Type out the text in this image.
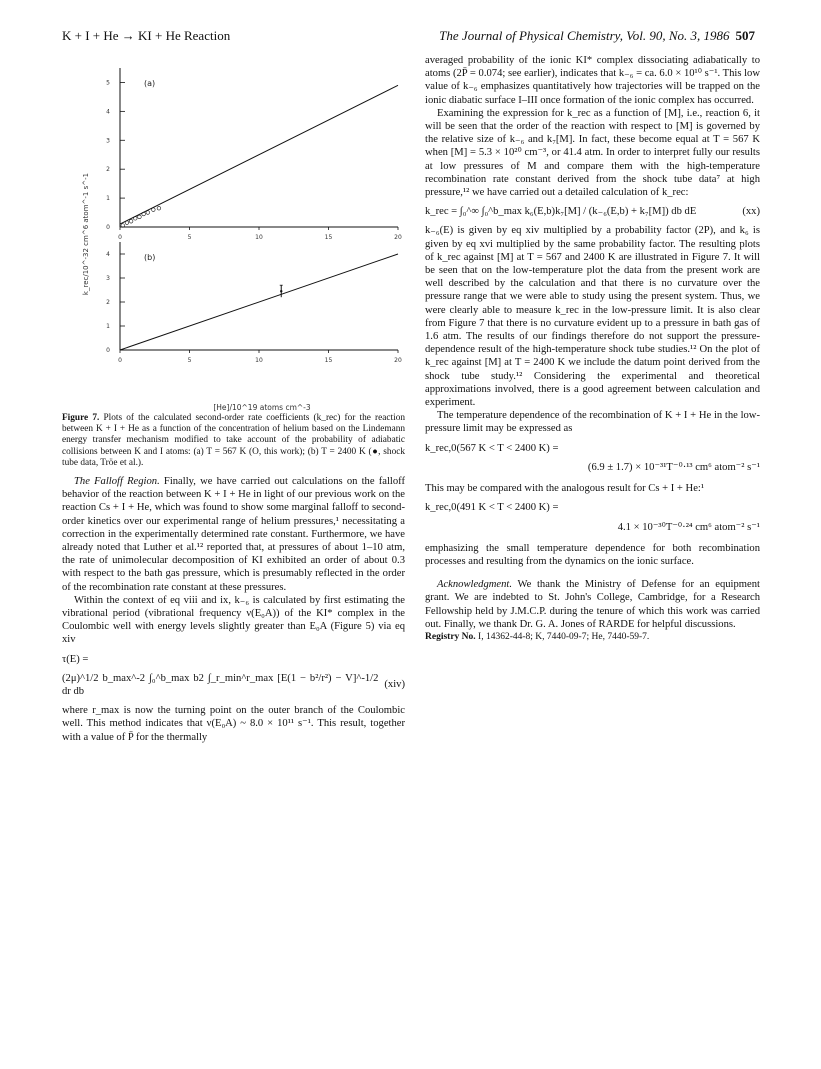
K + I + He → KI + He Reaction	The Journal of Physical Chemistry, Vol. 90, No. 3, 1986 507
k_rec/10^-32 cm^6 atom^-1 s^-1
[He]/10^19 atoms cm^-3
0	5	10	15	20
0
1
2
3
4
5	(a)
0	5	10	15	20
0
1
2
3
4	(b)
Figure 7. Plots of the calculated second-order rate coefficients (k_rec) for the reaction between K + I + He as a function of the concentration of helium based on the Lindemann energy transfer mechanism modified to take account of the probability of adiabatic collisions between K and I atoms: (a) T = 567 K (O, this work); (b) T = 2400 K (●, shock tube data, Tröe et al.).

The Falloff Region. Finally, we have carried out calculations on the falloff behavior of the reaction between K + I + He in light of our previous work on the reaction Cs + I + He, which was found to show some marginal falloff to second-order kinetics over our experimental range of helium pressures,¹ necessitating a correction in the experimentally determined rate constant. Furthermore, we have already noted that Luther et al.¹² reported that, at pressures of about 1–10 atm, the rate of unimolecular decomposition of KI exhibited an order of about 0.3 with respect to the bath gas pressure, which is presumably reflected in the order of the recombination rate constant at these pressures.

Within the context of eq viii and ix, k₋₆ is calculated by first estimating the vibrational period (vibrational frequency ν(E₀A)) of the KI* complex in the Coulombic well with energy levels slightly greater than E₀A (Figure 5) via eq xiv

τ(E) =

(2μ)^1/2 b_max^-2 ∫₀^b_max b2 ∫_r_min^r_max [E(1 − b²/r²) − V]^-1/2 dr db
(xiv)

where r_max is now the turning point on the outer branch of the Coulombic well. This method indicates that ν(E₀A) ~ 8.0 × 10¹¹ s⁻¹. This result, together with a value of P̄ for the thermally

averaged probability of the ionic KI* complex dissociating adiabatically to atoms (2P̄ = 0.074; see earlier), indicates that k₋₆ = ca. 6.0 × 10¹⁰ s⁻¹. This low value of k₋₆ emphasizes quantitatively how trajectories will be trapped on the ionic diabatic surface I–III once formation of the ionic complex has occurred.

Examining the expression for k_rec as a function of [M], i.e., reaction 6, it will be seen that the order of the reaction with respect to [M] is governed by the relative size of k₋₆ and k₇[M]. In fact, these become equal at T = 567 K when [M] = 5.3 × 10²⁰ cm⁻³, or 41.4 atm. In order to interpret fully our results at low pressures of M and compare them with the high-temperature recombination rate constant derived from the shock tube data⁷ at high pressure,¹² we have carried out a detailed calculation of k_rec:

k_rec = ∫₀^∞ ∫₀^b_max k₆(E,b)k₇[M] / (k₋₆(E,b) + k₇[M]) db dE	(xx)

k₋₆(E) is given by eq xiv multiplied by a probability factor (2P), and k₆ is given by eq xvi multiplied by the same probability factor. The resulting plots of k_rec against [M] at T = 567 and 2400 K are illustrated in Figure 7. It will be seen that on the low-temperature plot the data from the present work are well described by the calculation and that there is no curvature over the pressure range that we were able to study using the present system. Thus, we were clearly able to measure k_rec in the low-pressure limit. It is also clear from Figure 7 that there is no curvature evident up to a pressure in bath gas of 1.6 atm. The results of our findings therefore do not support the pressure-dependence result of the high-temperature shock tube studies.¹² On the plot of k_rec against [M] at T = 2400 K we include the datum point derived from the shock tube study.¹² Considering the experimental and theoretical approximations involved, there is a good agreement between calculation and experiment.

The temperature dependence of the recombination of K + I + He in the low-pressure limit may be expressed as

k_rec,0(567 K < T < 2400 K) =

(6.9 ± 1.7) × 10⁻³¹T⁻⁰·¹³ cm⁶ atom⁻² s⁻¹

This may be compared with the analogous result for Cs + I + He:¹

k_rec,0(491 K < T < 2400 K) =

4.1 × 10⁻³⁰T⁻⁰·²⁴ cm⁶ atom⁻² s⁻¹

emphasizing the small temperature dependence for both recombination processes and resulting from the dynamics on the ionic surface.

Acknowledgment. We thank the Ministry of Defense for an equipment grant. We are indebted to St. John's College, Cambridge, for a Research Fellowship held by J.M.C.P. during the tenure of which this work was carried out. Finally, we thank Dr. G. A. Jones of RARDE for helpful discussions.

Registry No. I, 14362-44-8; K, 7440-09-7; He, 7440-59-7.
